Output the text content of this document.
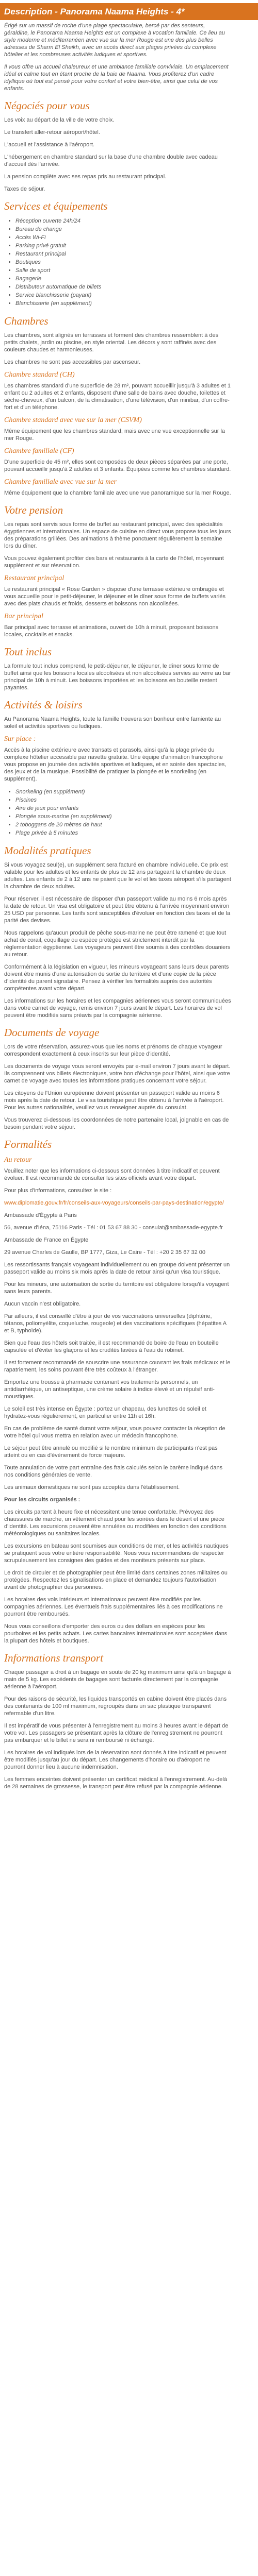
Description - Panorama Naama Heights - 4*

Érigé sur un massif de roche d'une plage spectaculaire, bercé par des senteurs, géraldine, le Panorama Naama Heights est un complexe à vocation familiale. Ce lieu au style moderne et méditerranéen avec vue sur la mer Rouge est une des plus belles adresses de Sharm El Sheikh, avec un accès direct aux plages privées du complexe hôtelier et les nombreuses activités ludiques et sportives.

Il vous offre un accueil chaleureux et une ambiance familiale conviviale. Un emplacement idéal et calme tout en étant proche de la baie de Naama. Vous profiterez d'un cadre idyllique où tout est pensé pour votre confort et votre bien-être, ainsi que celui de vos enfants.

Négociés pour vous

Les voix au départ de la ville de votre choix.

Le transfert aller-retour aéroport/hôtel.

L'accueil et l'assistance à l'aéroport.

L'hébergement en chambre standard sur la base d'une chambre double avec cadeau d'accueil dès l'arrivée.

La pension complète avec ses repas pris au restaurant principal.

Taxes de séjour.

Services et équipements
• Réception ouverte 24h/24
• Bureau de change
• Accès Wi-Fi
• Parking privé gratuit
• Restaurant principal
• Boutiques
• Salle de sport
• Bagagerie
• Distributeur automatique de billets
• Service blanchisserie (payant)
• Blanchisserie (en supplément)
Chambres

Les chambres, sont alignés en terrasses et forment des chambres ressemblent à des petits chalets, jardin ou piscine, en style oriental. Les décors y sont raffinés avec des couleurs chaudes et harmonieuses.

Les chambres ne sont pas accessibles par ascenseur.

Chambre standard (CH)

Les chambres standard d'une superficie de 28 m², pouvant accueillir jusqu'à 3 adultes et 1 enfant ou 2 adultes et 2 enfants, disposent d'une salle de bains avec douche, toilettes et sèche-cheveux, d'un balcon, de la climatisation, d'une télévision, d'un minibar, d'un coffre-fort et d'un téléphone.

Chambre standard avec vue sur la mer (CSVM)

Même équipement que les chambres standard, mais avec une vue exceptionnelle sur la mer Rouge.

Chambre familiale (CF)

D'une superficie de 45 m², elles sont composées de deux pièces séparées par une porte, pouvant accueillir jusqu'à 2 adultes et 3 enfants. Équipées comme les chambres standard.

Chambre familiale avec vue sur la mer

Même équipement que la chambre familiale avec une vue panoramique sur la mer Rouge.

Votre pension

Les repas sont servis sous forme de buffet au restaurant principal, avec des spécialités égyptiennes et internationales. Un espace de cuisine en direct vous propose tous les jours des préparations grillées. Des animations à thème ponctuent régulièrement la semaine lors du dîner.

Vous pouvez également profiter des bars et restaurants à la carte de l'hôtel, moyennant supplément et sur réservation.

Restaurant principal

Le restaurant principal « Rose Garden » dispose d'une terrasse extérieure ombragée et vous accueille pour le petit-déjeuner, le déjeuner et le dîner sous forme de buffets variés avec des plats chauds et froids, desserts et boissons non alcoolisées.

Bar principal

Bar principal avec terrasse et animations, ouvert de 10h à minuit, proposant boissons locales, cocktails et snacks.

Tout inclus

La formule tout inclus comprend, le petit-déjeuner, le déjeuner, le dîner sous forme de buffet ainsi que les boissons locales alcoolisées et non alcoolisées servies au verre au bar principal de 10h à minuit. Les boissons importées et les boissons en bouteille restent payantes.

Activités & loisirs

Au Panorama Naama Heights, toute la famille trouvera son bonheur entre farniente au soleil et activités sportives ou ludiques.

Sur place :

Accès à la piscine extérieure avec transats et parasols, ainsi qu'à la plage privée du complexe hôtelier accessible par navette gratuite. Une équipe d'animation francophone vous propose en journée des activités sportives et ludiques, et en soirée des spectacles, des jeux et de la musique. Possibilité de pratiquer la plongée et le snorkeling (en supplément).

• Snorkeling (en supplément)
• Piscines
• Aire de jeux pour enfants
• Plongée sous-marine (en supplément)
• 2 toboggans de 20 mètres de haut
• Plage privée à 5 minutes
Modalités pratiques

Si vous voyagez seul(e), un supplément sera facturé en chambre individuelle. Ce prix est valable pour les adultes et les enfants de plus de 12 ans partageant la chambre de deux adultes. Les enfants de 2 à 12 ans ne paient que le vol et les taxes aéroport s'ils partagent la chambre de deux adultes.

Pour réserver, il est nécessaire de disposer d'un passeport valide au moins 6 mois après la date de retour. Un visa est obligatoire et peut être obtenu à l'arrivée moyennant environ 25 USD par personne. Les tarifs sont susceptibles d'évoluer en fonction des taxes et de la parité des devises.

Nous rappelons qu'aucun produit de pêche sous-marine ne peut être ramené et que tout achat de corail, coquillage ou espèce protégée est strictement interdit par la réglementation égyptienne. Les voyageurs peuvent être soumis à des contrôles douaniers au retour.

Conformément à la législation en vigueur, les mineurs voyageant sans leurs deux parents doivent être munis d'une autorisation de sortie du territoire et d'une copie de la pièce d'identité du parent signataire. Pensez à vérifier les formalités auprès des autorités compétentes avant votre départ.

Les informations sur les horaires et les compagnies aériennes vous seront communiquées dans votre carnet de voyage, remis environ 7 jours avant le départ. Les horaires de vol peuvent être modifiés sans préavis par la compagnie aérienne.

Documents de voyage

Lors de votre réservation, assurez-vous que les noms et prénoms de chaque voyageur correspondent exactement à ceux inscrits sur leur pièce d'identité.

Les documents de voyage vous seront envoyés par e-mail environ 7 jours avant le départ. Ils comprennent vos billets électroniques, votre bon d'échange pour l'hôtel, ainsi que votre carnet de voyage avec toutes les informations pratiques concernant votre séjour.

Les citoyens de l'Union européenne doivent présenter un passeport valide au moins 6 mois après la date de retour. Le visa touristique peut être obtenu à l'arrivée à l'aéroport. Pour les autres nationalités, veuillez vous renseigner auprès du consulat.

Vous trouverez ci-dessous les coordonnées de notre partenaire local, joignable en cas de besoin pendant votre séjour.

Formalités
Au retour

Veuillez noter que les informations ci-dessous sont données à titre indicatif et peuvent évoluer. Il est recommandé de consulter les sites officiels avant votre départ.

Pour plus d'informations, consultez le site :

www.diplomatie.gouv.fr/fr/conseils-aux-voyageurs/conseils-par-pays-destination/egypte/

Ambassade d'Égypte à Paris

56, avenue d'Iéna, 75116 Paris - Tél : 01 53 67 88 30 - consulat@ambassade-egypte.fr

Ambassade de France en Égypte

29 avenue Charles de Gaulle, BP 1777, Giza, Le Caire - Tél : +20 2 35 67 32 00

Les ressortissants français voyageant individuellement ou en groupe doivent présenter un passeport valide au moins six mois après la date de retour ainsi qu'un visa touristique.

Pour les mineurs, une autorisation de sortie du territoire est obligatoire lorsqu'ils voyagent sans leurs parents.

Aucun vaccin n'est obligatoire.

Par ailleurs, il est conseillé d'être à jour de vos vaccinations universelles (diphtérie, tétanos, poliomyélite, coqueluche, rougeole) et des vaccinations spécifiques (hépatites A et B, typhoïde).

Bien que l'eau des hôtels soit traitée, il est recommandé de boire de l'eau en bouteille capsulée et d'éviter les glaçons et les crudités lavées à l'eau du robinet.

Il est fortement recommandé de souscrire une assurance couvrant les frais médicaux et le rapatriement, les soins pouvant être très coûteux à l'étranger.

Emportez une trousse à pharmacie contenant vos traitements personnels, un antidiarrhéique, un antiseptique, une crème solaire à indice élevé et un répulsif anti-moustiques.

Le soleil est très intense en Égypte : portez un chapeau, des lunettes de soleil et hydratez-vous régulièrement, en particulier entre 11h et 16h.

En cas de problème de santé durant votre séjour, vous pouvez contacter la réception de votre hôtel qui vous mettra en relation avec un médecin francophone.

Le séjour peut être annulé ou modifié si le nombre minimum de participants n'est pas atteint ou en cas d'événement de force majeure.

Toute annulation de votre part entraîne des frais calculés selon le barème indiqué dans nos conditions générales de vente.

Les animaux domestiques ne sont pas acceptés dans l'établissement.

Pour les circuits organisés :

Les circuits partent à heure fixe et nécessitent une tenue confortable. Prévoyez des chaussures de marche, un vêtement chaud pour les soirées dans le désert et une pièce d'identité. Les excursions peuvent être annulées ou modifiées en fonction des conditions météorologiques ou sanitaires locales.

Les excursions en bateau sont soumises aux conditions de mer, et les activités nautiques se pratiquent sous votre entière responsabilité. Nous vous recommandons de respecter scrupuleusement les consignes des guides et des moniteurs présents sur place.

Le droit de circuler et de photographier peut être limité dans certaines zones militaires ou protégées. Respectez les signalisations en place et demandez toujours l'autorisation avant de photographier des personnes.

Les horaires des vols intérieurs et internationaux peuvent être modifiés par les compagnies aériennes. Les éventuels frais supplémentaires liés à ces modifications ne pourront être remboursés.

Nous vous conseillons d'emporter des euros ou des dollars en espèces pour les pourboires et les petits achats. Les cartes bancaires internationales sont acceptées dans la plupart des hôtels et boutiques.

Informations transport

Chaque passager a droit à un bagage en soute de 20 kg maximum ainsi qu'à un bagage à main de 5 kg. Les excédents de bagages sont facturés directement par la compagnie aérienne à l'aéroport.

Pour des raisons de sécurité, les liquides transportés en cabine doivent être placés dans des contenants de 100 ml maximum, regroupés dans un sac plastique transparent refermable d'un litre.

Il est impératif de vous présenter à l'enregistrement au moins 3 heures avant le départ de votre vol. Les passagers se présentant après la clôture de l'enregistrement ne pourront pas embarquer et le billet ne sera ni remboursé ni échangé.

Les horaires de vol indiqués lors de la réservation sont donnés à titre indicatif et peuvent être modifiés jusqu'au jour du départ. Les changements d'horaire ou d'aéroport ne pourront donner lieu à aucune indemnisation.

Les femmes enceintes doivent présenter un certificat médical à l'enregistrement. Au-delà de 28 semaines de grossesse, le transport peut être refusé par la compagnie aérienne.
